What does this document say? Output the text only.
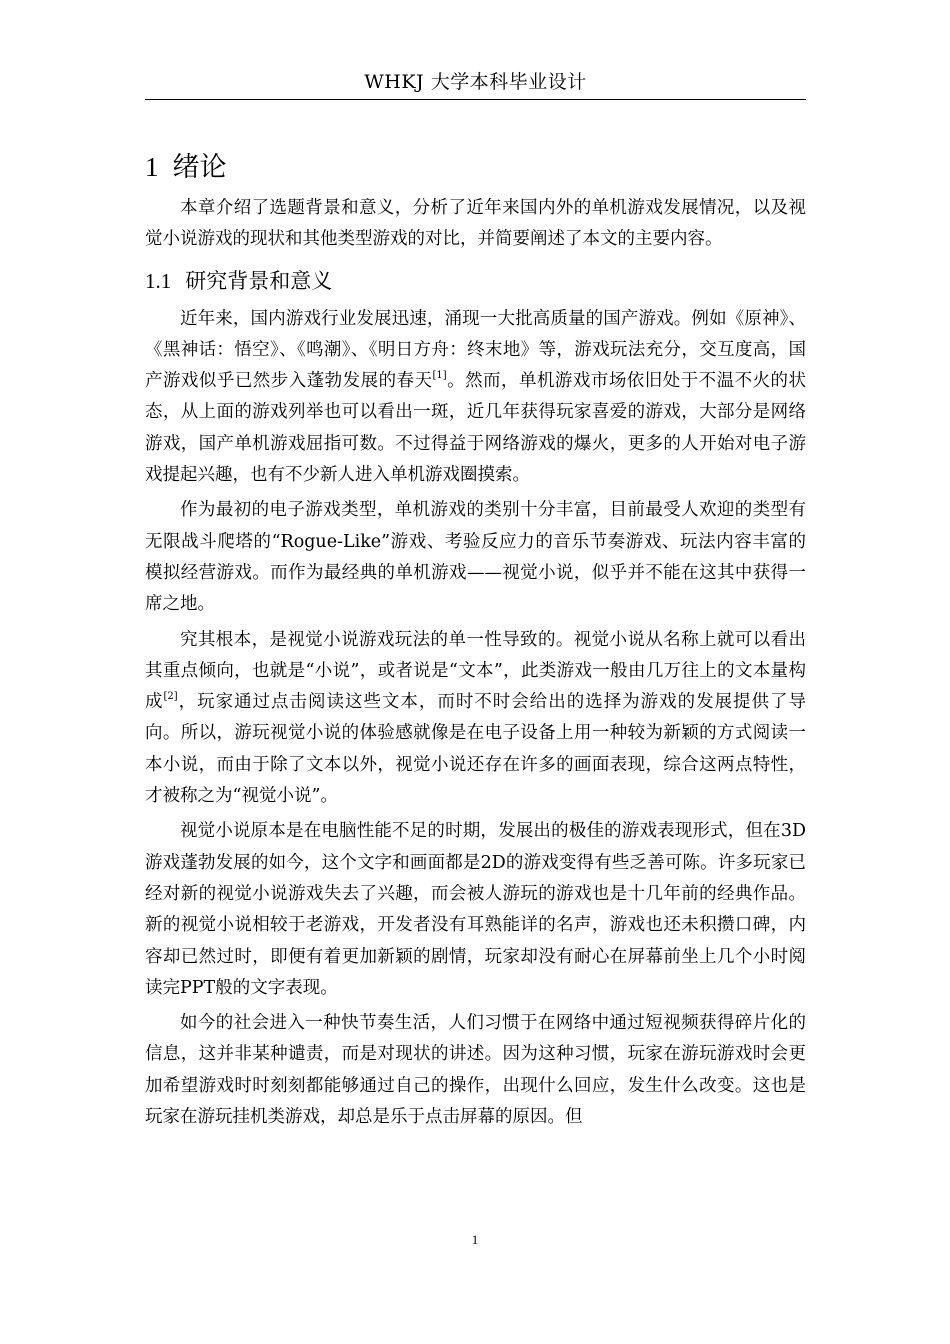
WHKJ 大学本科毕业设计
1 绪论

本章介绍了选题背景和意义，分析了近年来国内外的单机游戏发展情况，以及视觉小说游戏的现状和其他类型游戏的对比，并简要阐述了本文的主要内容。

1.1 研究背景和意义

近年来，国内游戏行业发展迅速，涌现一大批高质量的国产游戏。例如《原神》、《黑神话：悟空》、《鸣潮》、《明日方舟：终末地》等，游戏玩法充分，交互度高，国产游戏似乎已然步入蓬勃发展的春天[1]。然而，单机游戏市场依旧处于不温不火的状态，从上面的游戏列举也可以看出一斑，近几年获得玩家喜爱的游戏，大部分是网络游戏，国产单机游戏屈指可数。不过得益于网络游戏的爆火，更多的人开始对电子游戏提起兴趣，也有不少新人进入单机游戏圈摸索。

作为最初的电子游戏类型，单机游戏的类别十分丰富，目前最受人欢迎的类型有无限战斗爬塔的“Rogue-Like”游戏、考验反应力的音乐节奏游戏、玩法内容丰富的模拟经营游戏。而作为最经典的单机游戏——视觉小说，似乎并不能在这其中获得一席之地。

究其根本，是视觉小说游戏玩法的单一性导致的。视觉小说从名称上就可以看出其重点倾向，也就是“小说”，或者说是“文本”，此类游戏一般由几万往上的文本量构成[2]，玩家通过点击阅读这些文本，而时不时会给出的选择为游戏的发展提供了导向。所以，游玩视觉小说的体验感就像是在电子设备上用一种较为新颖的方式阅读一本小说，而由于除了文本以外，视觉小说还存在许多的画面表现，综合这两点特性，才被称之为“视觉小说”。

视觉小说原本是在电脑性能不足的时期，发展出的极佳的游戏表现形式，但在3D游戏蓬勃发展的如今，这个文字和画面都是2D的游戏变得有些乏善可陈。许多玩家已经对新的视觉小说游戏失去了兴趣，而会被人游玩的游戏也是十几年前的经典作品。新的视觉小说相较于老游戏，开发者没有耳熟能详的名声，游戏也还未积攒口碑，内容却已然过时，即便有着更加新颖的剧情，玩家却没有耐心在屏幕前坐上几个小时阅读完PPT般的文字表现。

如今的社会进入一种快节奏生活，人们习惯于在网络中通过短视频获得碎片化的信息，这并非某种谴责，而是对现状的讲述。因为这种习惯，玩家在游玩游戏时会更加希望游戏时时刻刻都能够通过自己的操作，出现什么回应，发生什么改变。这也是玩家在游玩挂机类游戏，却总是乐于点击屏幕的原因。但

1
